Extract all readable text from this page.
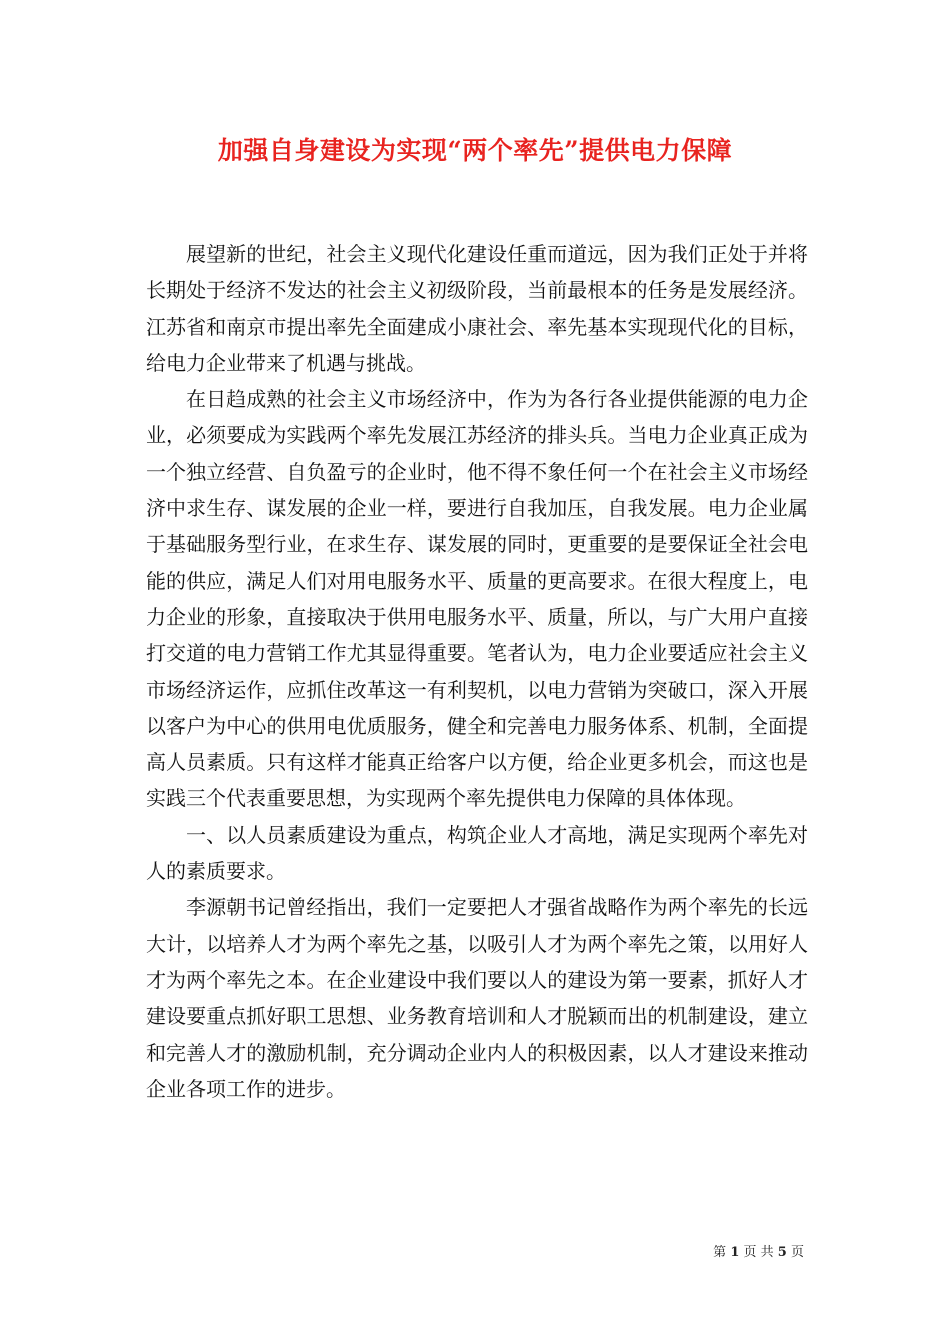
加强自身建设为实现“两个率先”提供电力保障

展望新的世纪，社会主义现代化建设任重而道远，因为我们正处于并将长期处于经济不发达的社会主义初级阶段，当前最根本的任务是发展经济。江苏省和南京市提出率先全面建成小康社会、率先基本实现现代化的目标，给电力企业带来了机遇与挑战。

在日趋成熟的社会主义市场经济中，作为为各行各业提供能源的电力企业，必须要成为实践两个率先发展江苏经济的排头兵。当电力企业真正成为一个独立经营、自负盈亏的企业时，他不得不象任何一个在社会主义市场经济中求生存、谋发展的企业一样，要进行自我加压，自我发展。电力企业属于基础服务型行业，在求生存、谋发展的同时，更重要的是要保证全社会电能的供应，满足人们对用电服务水平、质量的更高要求。在很大程度上，电力企业的形象，直接取决于供用电服务水平、质量，所以，与广大用户直接打交道的电力营销工作尤其显得重要。笔者认为，电力企业要适应社会主义市场经济运作，应抓住改革这一有利契机，以电力营销为突破口，深入开展以客户为中心的供用电优质服务，健全和完善电力服务体系、机制，全面提高人员素质。只有这样才能真正给客户以方便，给企业更多机会，而这也是实践三个代表重要思想，为实现两个率先提供电力保障的具体体现。

一、以人员素质建设为重点，构筑企业人才高地，满足实现两个率先对人的素质要求。

李源朝书记曾经指出，我们一定要把人才强省战略作为两个率先的长远大计，以培养人才为两个率先之基，以吸引人才为两个率先之策，以用好人才为两个率先之本。在企业建设中我们要以人的建设为第一要素，抓好人才建设要重点抓好职工思想、业务教育培训和人才脱颖而出的机制建设，建立和完善人才的激励机制，充分调动企业内人的积极因素，以人才建设来推动企业各项工作的进步。

第 1 页 共 5 页
